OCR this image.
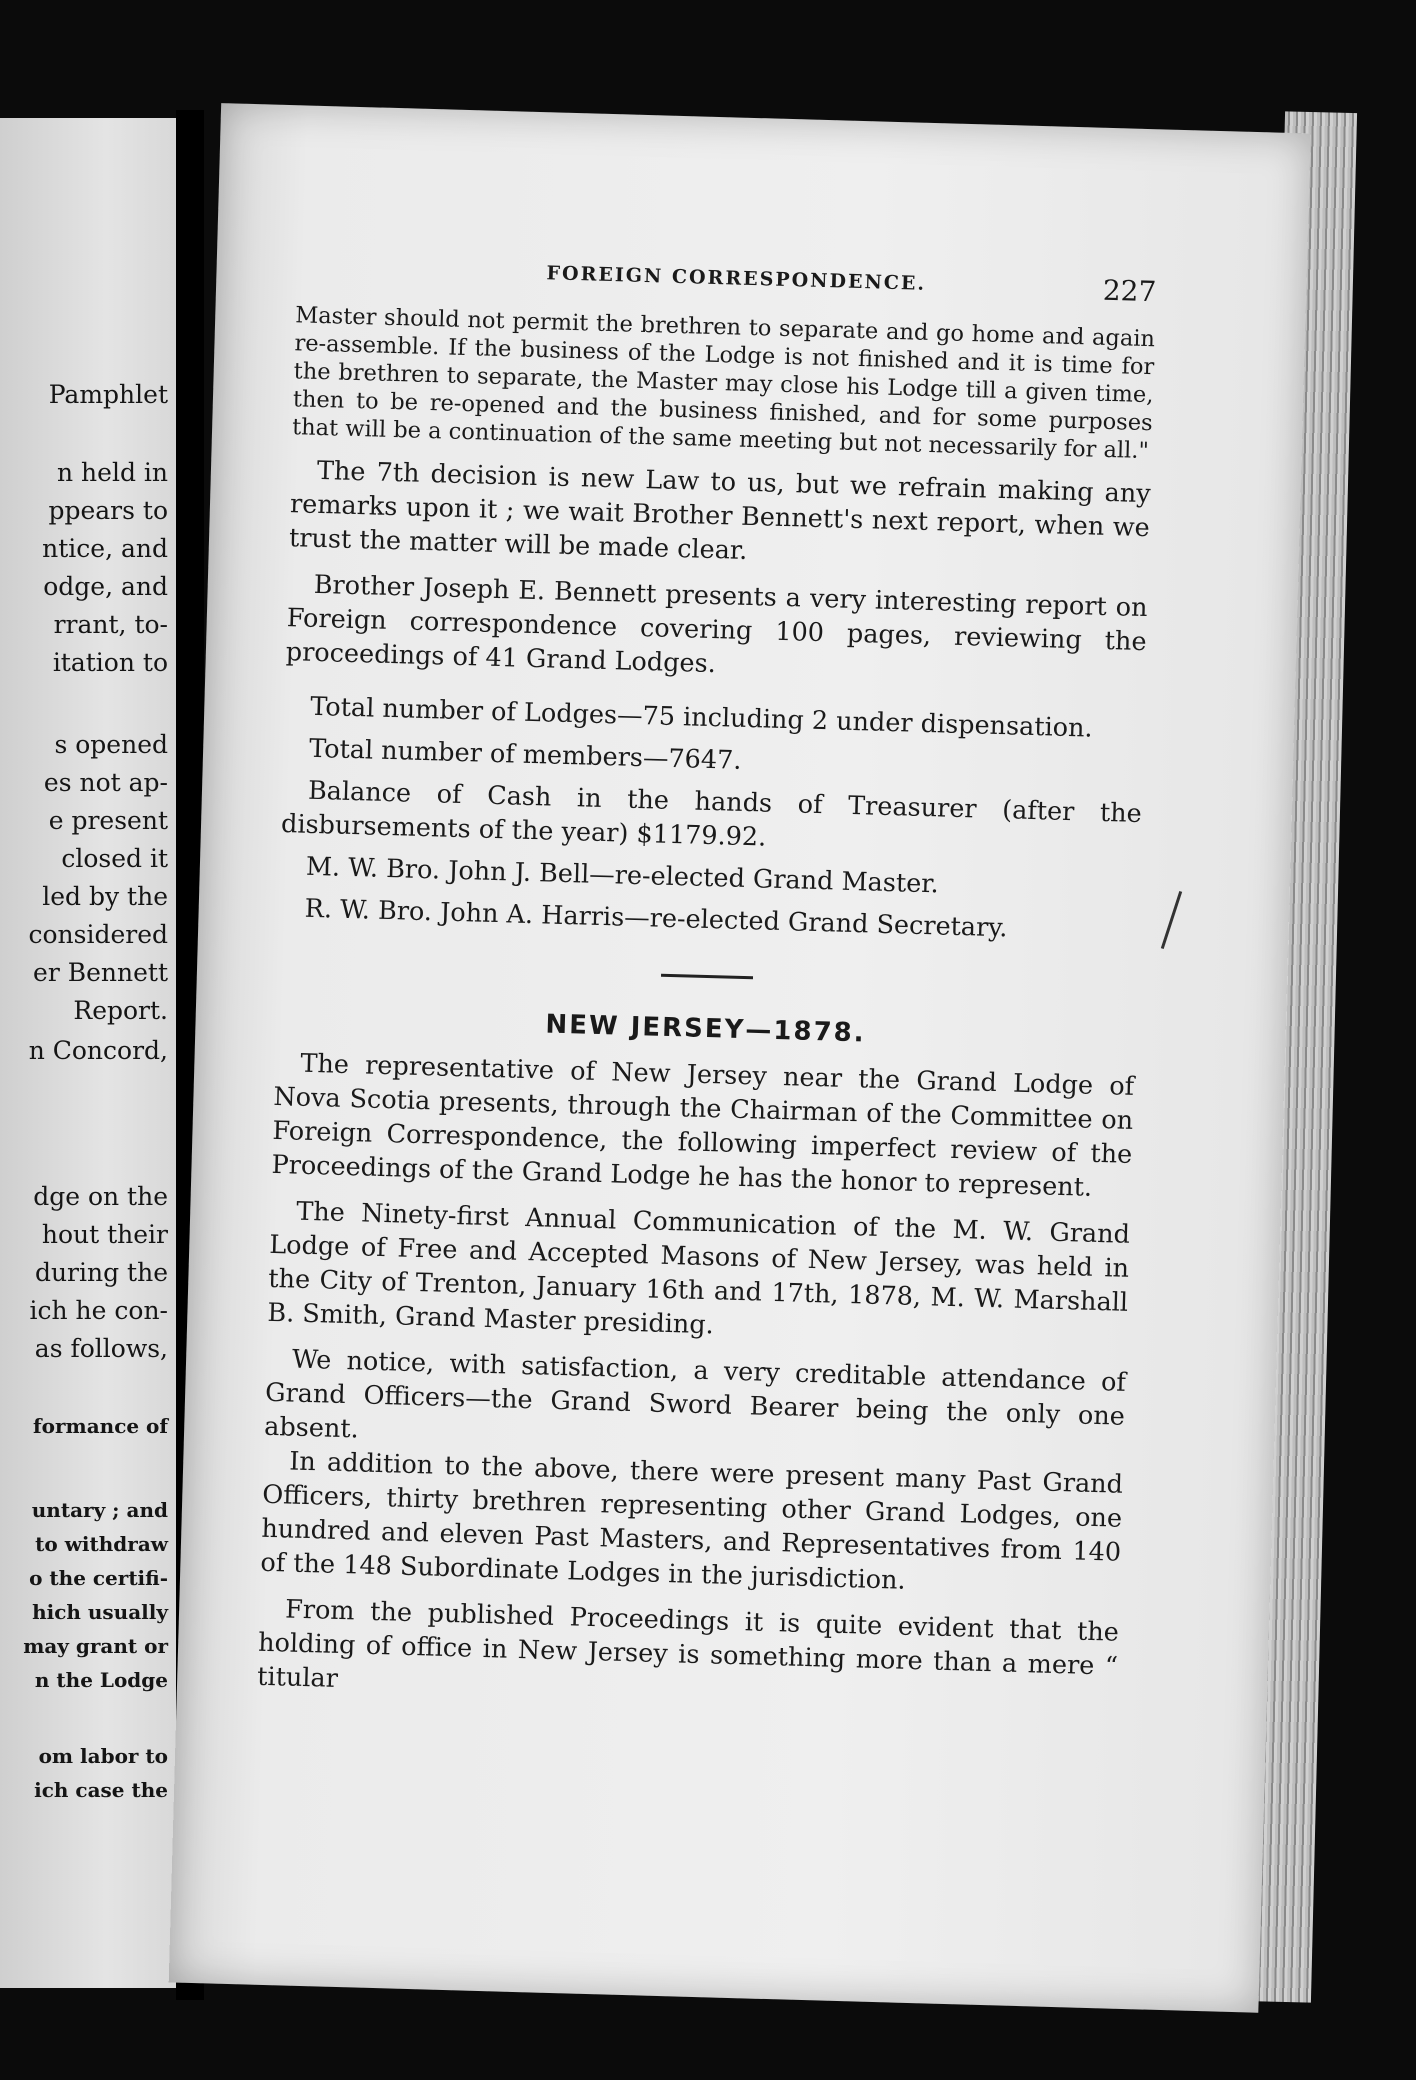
Pamphlet
n held in
ppears to
ntice, and
odge, and
rrant, to-
itation to
s opened
es not ap-
e present
closed it
led by the
considered
er Bennett
Report.
n Concord,
dge on the
hout their
during the
ich he con-
as follows,
formance of
untary ; and
to withdraw
o the certifi-
hich usually
may grant or
n the Lodge
om labor to
ich case the
FOREIGN CORRESPONDENCE.	227

Master should not permit the brethren to separate and go home and again re-assemble. If the business of the Lodge is not finished and it is time for the brethren to separate, the Master may close his Lodge till a given time, then to be re-opened and the business finished, and for some purposes that will be a continuation of the same meeting but not necessarily for all."

The 7th decision is new Law to us, but we refrain making any remarks upon it ; we wait Brother Bennett's next report, when we trust the matter will be made clear.

Brother Joseph E. Bennett presents a very interesting report on Foreign correspondence covering 100 pages, reviewing the proceedings of 41 Grand Lodges.

Total number of Lodges—75 including 2 under dispensation.

Total number of members—7647.

Balance of Cash in the hands of Treasurer (after the disbursements of the year) $1179.92.

M. W. Bro. John J. Bell—re-elected Grand Master.

R. W. Bro. John A. Harris—re-elected Grand Secretary.

NEW JERSEY—1878.

The representative of New Jersey near the Grand Lodge of Nova Scotia presents, through the Chairman of the Committee on Foreign Correspondence, the following imperfect review of the Proceedings of the Grand Lodge he has the honor to represent.

The Ninety-first Annual Communication of the M. W. Grand Lodge of Free and Accepted Masons of New Jersey, was held in the City of Trenton, January 16th and 17th, 1878, M. W. Marshall B. Smith, Grand Master presiding.

We notice, with satisfaction, a very creditable attendance of Grand Officers—the Grand Sword Bearer being the only one absent.

In addition to the above, there were present many Past Grand Officers, thirty brethren representing other Grand Lodges, one hundred and eleven Past Masters, and Representatives from 140 of the 148 Subordinate Lodges in the jurisdiction.

From the published Proceedings it is quite evident that the holding of office in New Jersey is something more than a mere “ titular
